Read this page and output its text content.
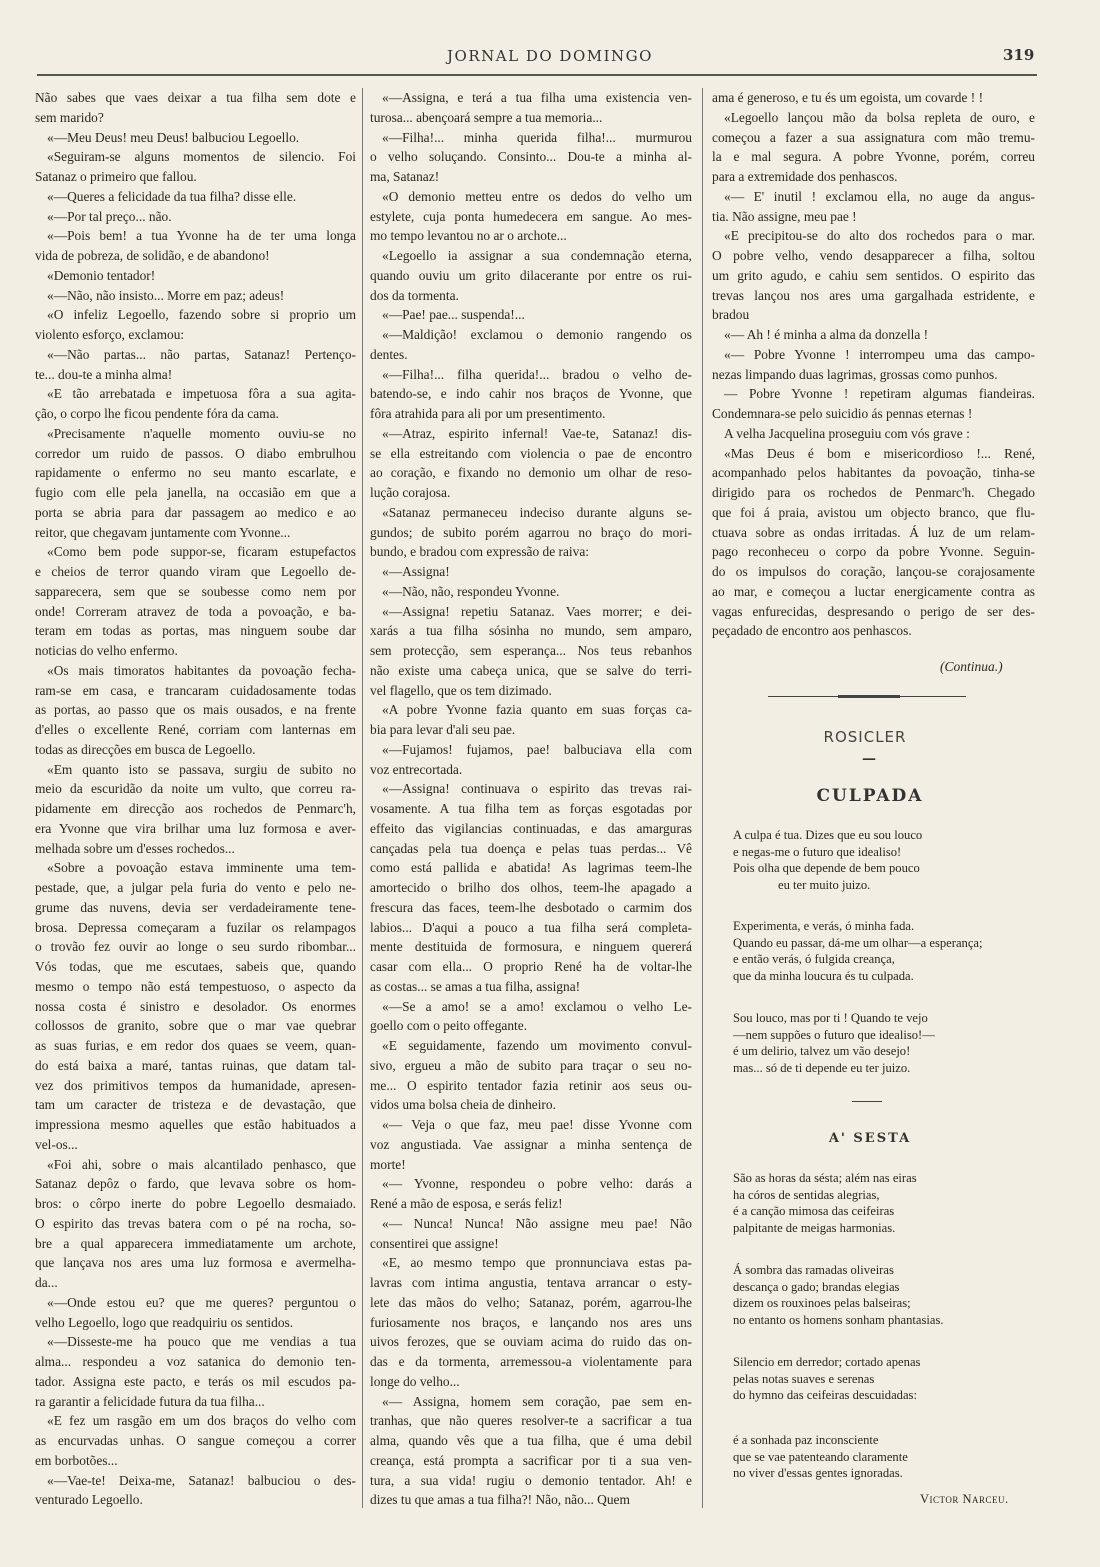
JORNAL DO DOMINGO	319
Não sabes que vaes deixar a tua filha sem dote e
sem marido?
«—Meu Deus! meu Deus! balbuciou Legoello.
«Seguiram-se alguns momentos de silencio. Foi
Satanaz o primeiro que fallou.
«—Queres a felicidade da tua filha? disse elle.
«—Por tal preço... não.
«—Pois bem! a tua Yvonne ha de ter uma longa
vida de pobreza, de solidão, e de abandono!
«Demonio tentador!
«—Não, não insisto... Morre em paz; adeus!
«O infeliz Legoello, fazendo sobre si proprio um
violento esforço, exclamou:
«—Não partas... não partas, Satanaz! Pertenço-
te... dou-te a minha alma!
«E tão arrebatada e impetuosa fôra a sua agita-
ção, o corpo lhe ficou pendente fóra da cama.
«Precisamente n'aquelle momento ouviu-se no
corredor um ruido de passos. O diabo embrulhou
rapidamente o enfermo no seu manto escarlate, e
fugio com elle pela janella, na occasião em que a
porta se abria para dar passagem ao medico e ao
reitor, que chegavam juntamente com Yvonne...
«Como bem pode suppor-se, ficaram estupefactos
e cheios de terror quando viram que Legoello de-
sapparecera, sem que se soubesse como nem por
onde! Correram atravez de toda a povoação, e ba-
teram em todas as portas, mas ninguem soube dar
noticias do velho enfermo.
«Os mais timoratos habitantes da povoação fecha-
ram-se em casa, e trancaram cuidadosamente todas
as portas, ao passo que os mais ousados, e na frente
d'elles o excellente René, corriam com lanternas em
todas as direcções em busca de Legoello.
«Em quanto isto se passava, surgiu de subito no
meio da escuridão da noite um vulto, que correu ra-
pidamente em direcção aos rochedos de Penmarc'h,
era Yvonne que vira brilhar uma luz formosa e aver-
melhada sobre um d'esses rochedos...
«Sobre a povoação estava imminente uma tem-
pestade, que, a julgar pela furia do vento e pelo ne-
grume das nuvens, devia ser verdadeiramente tene-
brosa. Depressa começaram a fuzilar os relampagos
o trovão fez ouvir ao longe o seu surdo ribombar...
Vós todas, que me escutaes, sabeis que, quando
mesmo o tempo não está tempestuoso, o aspecto da
nossa costa é sinistro e desolador. Os enormes
collossos de granito, sobre que o mar vae quebrar
as suas furias, e em redor dos quaes se veem, quan-
do está baixa a maré, tantas ruinas, que datam tal-
vez dos primitivos tempos da humanidade, apresen-
tam um caracter de tristeza e de devastação, que
impressiona mesmo aquelles que estão habituados a
vel-os...
«Foi ahi, sobre o mais alcantilado penhasco, que
Satanaz depôz o fardo, que levava sobre os hom-
bros: o côrpo inerte do pobre Legoello desmaiado.
O espirito das trevas batera com o pé na rocha, so-
bre a qual apparecera immediatamente um archote,
que lançava nos ares uma luz formosa e avermelha-
da...
«—Onde estou eu? que me queres? perguntou o
velho Legoello, logo que readquiriu os sentidos.
«—Disseste-me ha pouco que me vendias a tua
alma... respondeu a voz satanica do demonio ten-
tador. Assigna este pacto, e terás os mil escudos pa-
ra garantir a felicidade futura da tua filha...
«E fez um rasgão em um dos braços do velho com
as encurvadas unhas. O sangue começou a correr
em borbotões...
«—Vae-te! Deixa-me, Satanaz! balbuciou o des-
venturado Legoello.
«—Assigna, e terá a tua filha uma existencia ven-
turosa... abençoará sempre a tua memoria...
«—Filha!... minha querida filha!... murmurou
o velho soluçando. Consinto... Dou-te a minha al-
ma, Satanaz!
«O demonio metteu entre os dedos do velho um
estylete, cuja ponta humedecera em sangue. Ao mes-
mo tempo levantou no ar o archote...
«Legoello ia assignar a sua condemnação eterna,
quando ouviu um grito dilacerante por entre os rui-
dos da tormenta.
«—Pae! pae... suspenda!...
«—Maldição! exclamou o demonio rangendo os
dentes.
«—Filha!... filha querida!... bradou o velho de-
batendo-se, e indo cahir nos braços de Yvonne, que
fôra atrahida para ali por um presentimento.
«—Atraz, espirito infernal! Vae-te, Satanaz! dis-
se ella estreitando com violencia o pae de encontro
ao coração, e fixando no demonio um olhar de reso-
lução corajosa.
«Satanaz permaneceu indeciso durante alguns se-
gundos; de subito porém agarrou no braço do mori-
bundo, e bradou com expressão de raiva:
«—Assigna!
«—Não, não, respondeu Yvonne.
«—Assigna! repetiu Satanaz. Vaes morrer; e dei-
xarás a tua filha sósinha no mundo, sem amparo,
sem protecção, sem esperança... Nos teus rebanhos
não existe uma cabeça unica, que se salve do terri-
vel flagello, que os tem dizimado.
«A pobre Yvonne fazia quanto em suas forças ca-
bia para levar d'ali seu pae.
«—Fujamos! fujamos, pae! balbuciava ella com
voz entrecortada.
«—Assigna! continuava o espirito das trevas rai-
vosamente. A tua filha tem as forças esgotadas por
effeito das vigilancias continuadas, e das amarguras
cançadas pela tua doença e pelas tuas perdas... Vê
como está pallida e abatida! As lagrimas teem-lhe
amortecido o brilho dos olhos, teem-lhe apagado a
frescura das faces, teem-lhe desbotado o carmim dos
labios... D'aqui a pouco a tua filha será completa-
mente destituida de formosura, e ninguem quererá
casar com ella... O proprio René ha de voltar-lhe
as costas... se amas a tua filha, assigna!
«—Se a amo! se a amo! exclamou o velho Le-
goello com o peito offegante.
«E seguidamente, fazendo um movimento convul-
sivo, ergueu a mão de subito para traçar o seu no-
me... O espirito tentador fazia retinir aos seus ou-
vidos uma bolsa cheia de dinheiro.
«— Veja o que faz, meu pae! disse Yvonne com
voz angustiada. Vae assignar a minha sentença de
morte!
«— Yvonne, respondeu o pobre velho: darás a
René a mão de esposa, e serás feliz!
«— Nunca! Nunca! Não assigne meu pae! Não
consentirei que assigne!
«E, ao mesmo tempo que pronnunciava estas pa-
lavras com intima angustia, tentava arrancar o esty-
lete das mãos do velho; Satanaz, porém, agarrou-lhe
furiosamente nos braços, e lançando nos ares uns
uivos ferozes, que se ouviam acima do ruido das on-
das e da tormenta, arremessou-a violentamente para
longe do velho...
«— Assigna, homem sem coração, pae sem en-
tranhas, que não queres resolver-te a sacrificar a tua
alma, quando vês que a tua filha, que é uma debil
creança, está prompta a sacrificar por ti a sua ven-
tura, a sua vida! rugiu o demonio tentador. Ah! e
dizes tu que amas a tua filha?! Não, não... Quem
ama é generoso, e tu és um egoista, um covarde ! !
«Legoello lançou mão da bolsa repleta de ouro, e
começou a fazer a sua assignatura com mão tremu-
la e mal segura. A pobre Yvonne, porém, correu
para a extremidade dos penhascos.
«— E' inutil ! exclamou ella, no auge da angus-
tia. Não assigne, meu pae !
«E precipitou-se do alto dos rochedos para o mar.
O pobre velho, vendo desapparecer a filha, soltou
um grito agudo, e cahiu sem sentidos. O espirito das
trevas lançou nos ares uma gargalhada estridente, e
bradou
«— Ah ! é minha a alma da donzella !
«— Pobre Yvonne ! interrompeu uma das campo-
nezas limpando duas lagrimas, grossas como punhos.
— Pobre Yvonne ! repetiram algumas fiandeiras.
Condemnara-se pelo suicidio ás pennas eternas !
A velha Jacquelina proseguiu com vós grave :
«Mas Deus é bom e misericordioso !... René,
acompanhado pelos habitantes da povoação, tinha-se
dirigido para os rochedos de Penmarc'h. Chegado
que foi á praia, avistou um objecto branco, que flu-
ctuava sobre as ondas irritadas. Á luz de um relam-
pago reconheceu o corpo da pobre Yvonne. Seguin-
do os impulsos do coração, lançou-se corajosamente
ao mar, e começou a luctar energicamente contra as
vagas enfurecidas, despresando o perigo de ser des-
peçadado de encontro aos penhascos.
(Continua.)
ROSICLER
—
CULPADA
A culpa é tua. Dizes que eu sou louco
e negas-me o futuro que idealiso!
Pois olha que depende de bem pouco
eu ter muito juizo.
Experimenta, e verás, ó minha fada.
Quando eu passar, dá-me um olhar—a esperança;
e então verás, ó fulgida creança,
que da minha loucura és tu culpada.
Sou louco, mas por ti ! Quando te vejo
—nem suppões o futuro que idealiso!—
é um delirio, talvez um vão desejo!
mas... só de ti depende eu ter juizo.
A' SESTA
São as horas da sésta; além nas eiras
ha córos de sentidas alegrias,
é a canção mimosa das ceifeiras
palpitante de meigas harmonias.
Á sombra das ramadas oliveiras
descança o gado; brandas elegias
dizem os rouxinoes pelas balseiras;
no entanto os homens sonham phantasias.
Silencio em derredor; cortado apenas
pelas notas suaves e serenas
do hymno das ceifeiras descuidadas:
é a sonhada paz inconsciente
que se vae patenteando claramente
no viver d'essas gentes ignoradas.
Victor Narceu.
